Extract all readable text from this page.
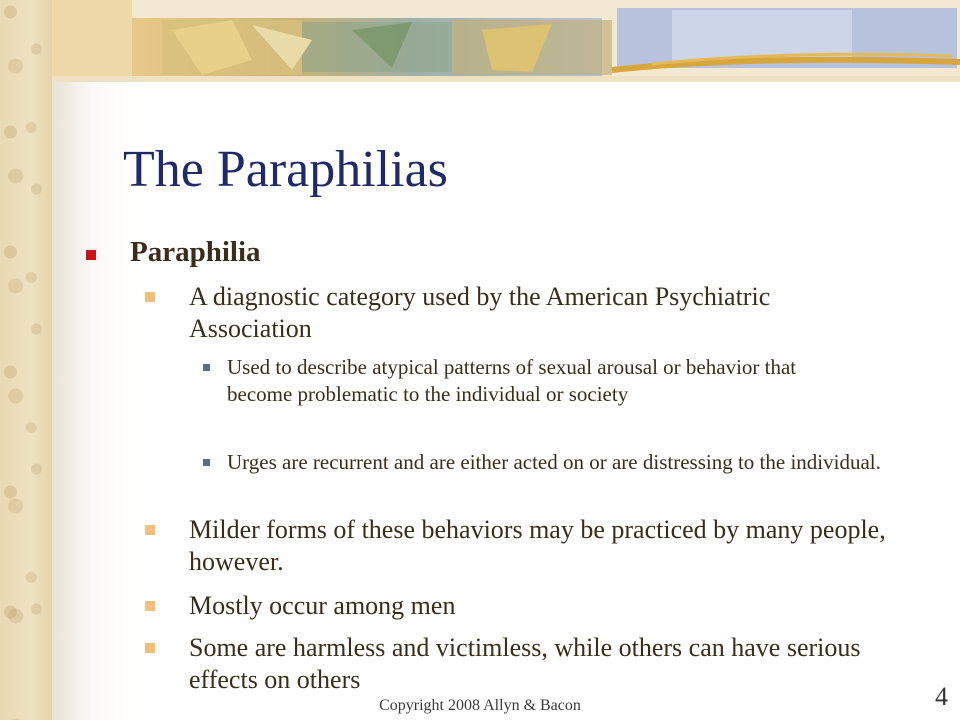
The Paraphilias
Paraphilia
A diagnostic category used by the American Psychiatric Association
Used to describe atypical patterns of sexual arousal or behavior that become problematic to the individual or society
Urges are recurrent and are either acted on or are distressing to the individual.
Milder forms of these behaviors may be practiced by many people, however.
Mostly occur among men
Some are harmless and victimless, while others can have serious effects on others
Copyright 2008 Allyn & Bacon	4
